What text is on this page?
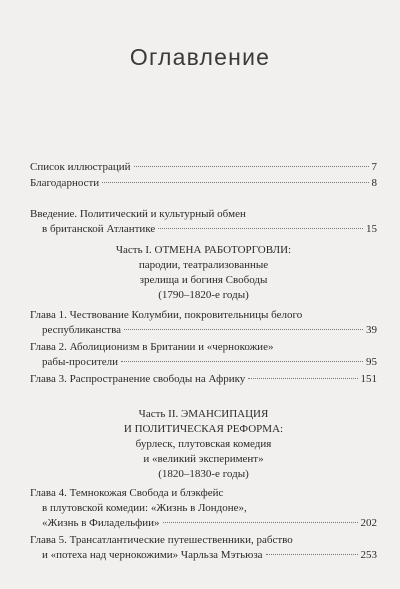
Оглавление
Список иллюстраций	7
Благодарности	8
Введение. Политический и культурный обмен
в британской Атлантике	15
Часть I. ОТМЕНА РАБОТОРГОВЛИ:
пародии, театрализованные
зрелища и богиня Свободы
(1790–1820-е годы)
Глава 1. Чествование Колумбии, покровительницы белого
республиканства	39
Глава 2. Аболиционизм в Британии и «чернокожие»
рабы-просители	95
Глава 3. Распространение свободы на Африку	151
Часть II. ЭМАНСИПАЦИЯ
И ПОЛИТИЧЕСКАЯ РЕФОРМА:
бурлеск, плутовская комедия
и «великий эксперимент»
(1820–1830-е годы)
Глава 4. Темнокожая Свобода и блэкфейс
в плутовской комедии: «Жизнь в Лондоне»,
«Жизнь в Филадельфии»	202
Глава 5. Трансатлантические путешественники, рабство
и «потеха над чернокожими» Чарльза Мэтьюза	253
